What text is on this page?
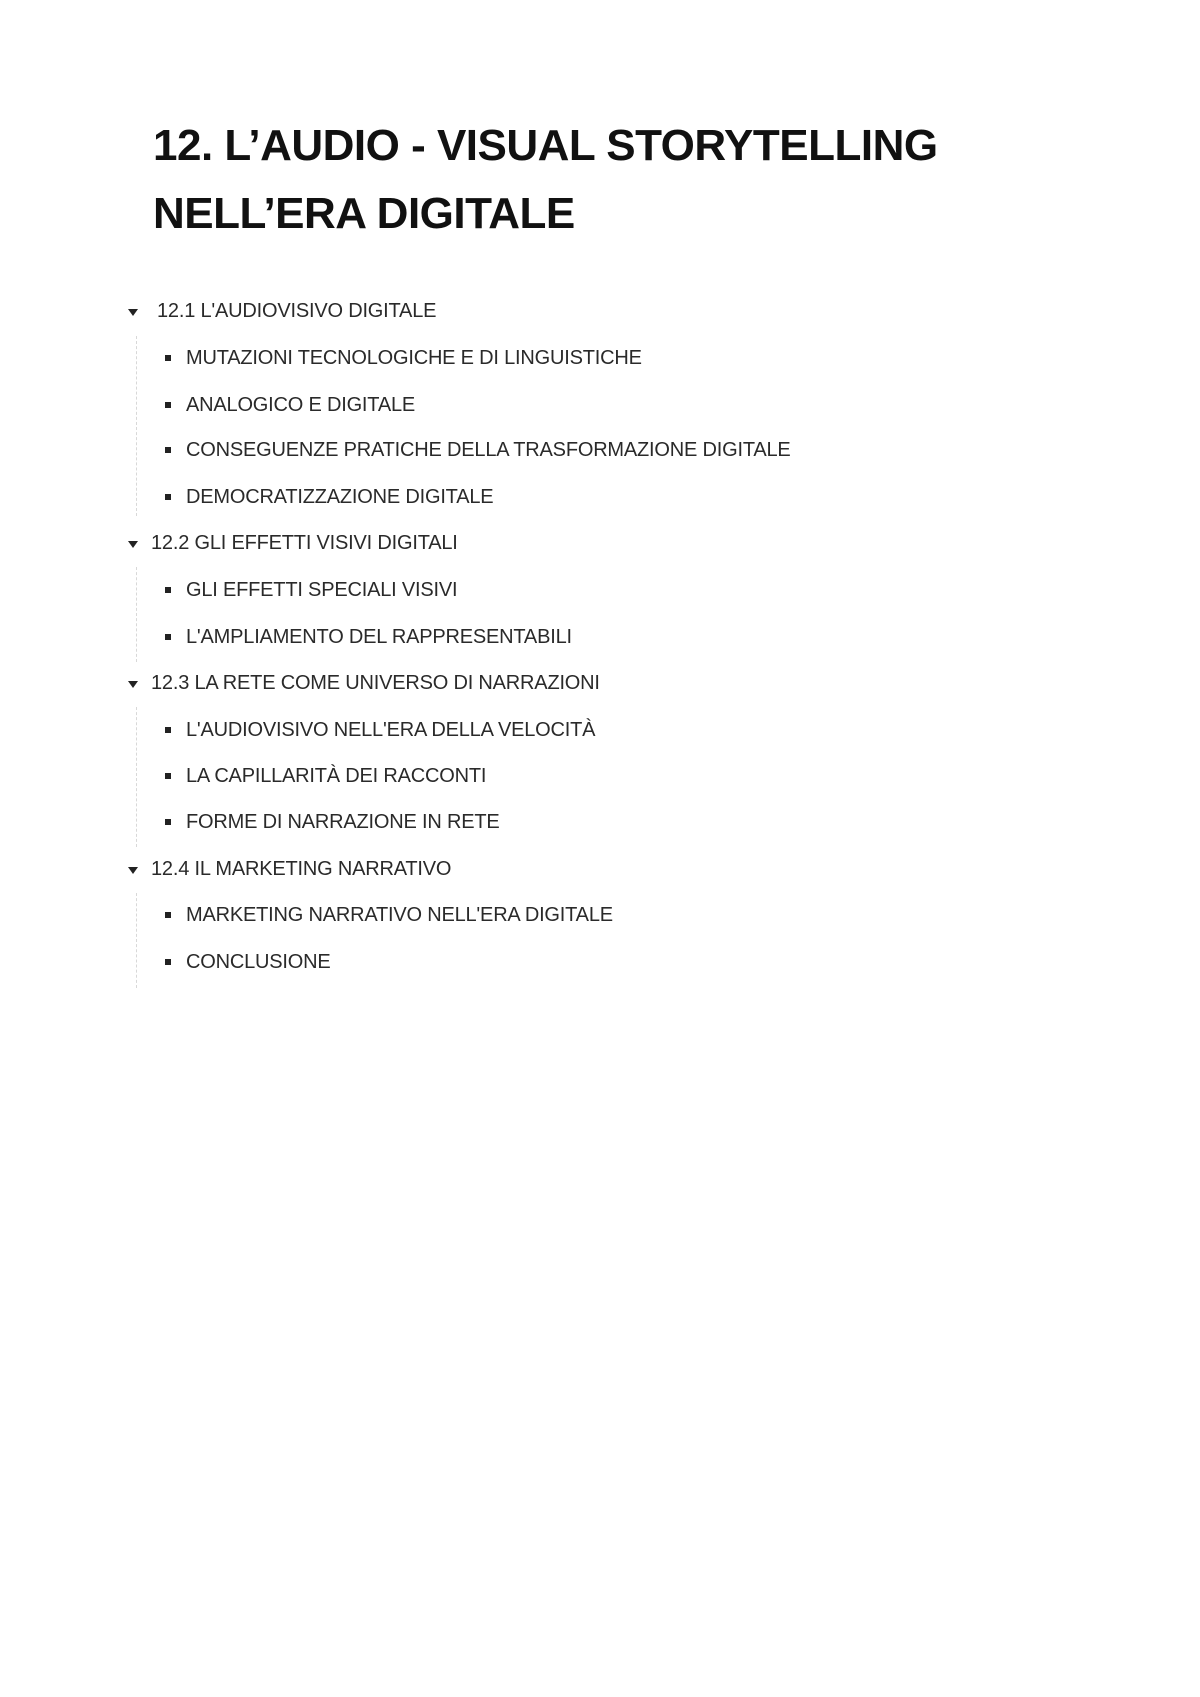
12. L’AUDIO - VISUAL STORYTELLING
NELL’ERA DIGITALE
12.1 L'AUDIOVISIVO DIGITALE
MUTAZIONI TECNOLOGICHE E DI LINGUISTICHE
ANALOGICO E DIGITALE
CONSEGUENZE PRATICHE DELLA TRASFORMAZIONE DIGITALE
DEMOCRATIZZAZIONE DIGITALE
12.2 GLI EFFETTI VISIVI DIGITALI
GLI EFFETTI SPECIALI VISIVI
L'AMPLIAMENTO DEL RAPPRESENTABILI
12.3 LA RETE COME UNIVERSO DI NARRAZIONI
L'AUDIOVISIVO NELL'ERA DELLA VELOCITÀ
LA CAPILLARITÀ DEI RACCONTI
FORME DI NARRAZIONE IN RETE
12.4 IL MARKETING NARRATIVO
MARKETING NARRATIVO NELL'ERA DIGITALE
CONCLUSIONE
